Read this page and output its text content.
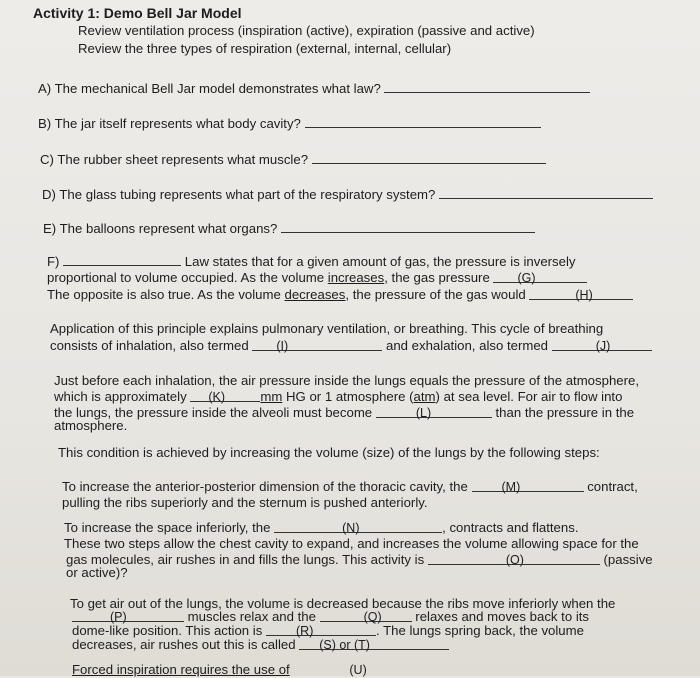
Activity 1: Demo Bell Jar Model
Review ventilation process (inspiration (active), expiration (passive and active)
Review the three types of respiration (external, internal, cellular)
A) The mechanical Bell Jar model demonstrates what law?
B) The jar itself represents what body cavity?
C) The rubber sheet represents what muscle?
D) The glass tubing represents what part of the respiratory system?
E) The balloons represent what organs?
F)	Law states that for a given amount of gas, the pressure is inversely
proportional to volume occupied. As the volume increases, the gas pressure (G)
The opposite is also true. As the volume decreases, the pressure of the gas would	(H)
Application of this principle explains pulmonary ventilation, or breathing. This cycle of breathing
consists of inhalation, also termed (I)	and exhalation, also termed	(J)
Just before each inhalation, the air pressure inside the lungs equals the pressure of the atmosphere,
which is approximately (K)	mm HG or 1 atmosphere (atm) at sea level. For air to flow into
the lungs, the pressure inside the alveoli must become	(L)	than the pressure in the
atmosphere.
This condition is achieved by increasing the volume (size) of the lungs by the following steps:
To increase the anterior-posterior dimension of the thoracic cavity, the	(M)	contract,
pulling the ribs superiorly and the sternum is pushed anteriorly.
To increase the space inferiorly, the	(N)	, contracts and flattens.
These two steps allow the chest cavity to expand, and increases the volume allowing space for the
gas molecules, air rushes in and fills the lungs. This activity is	(O)	(passive
or active)?
To get air out of the lungs, the volume is decreased because the ribs move inferiorly when the
(P)	muscles relax and the	(Q)	relaxes and moves back to its
dome-like position. This action is	(R)	. The lungs spring back, the volume
decreases, air rushes out this is called (S) or (T)
Forced inspiration requires the use of	(U)
